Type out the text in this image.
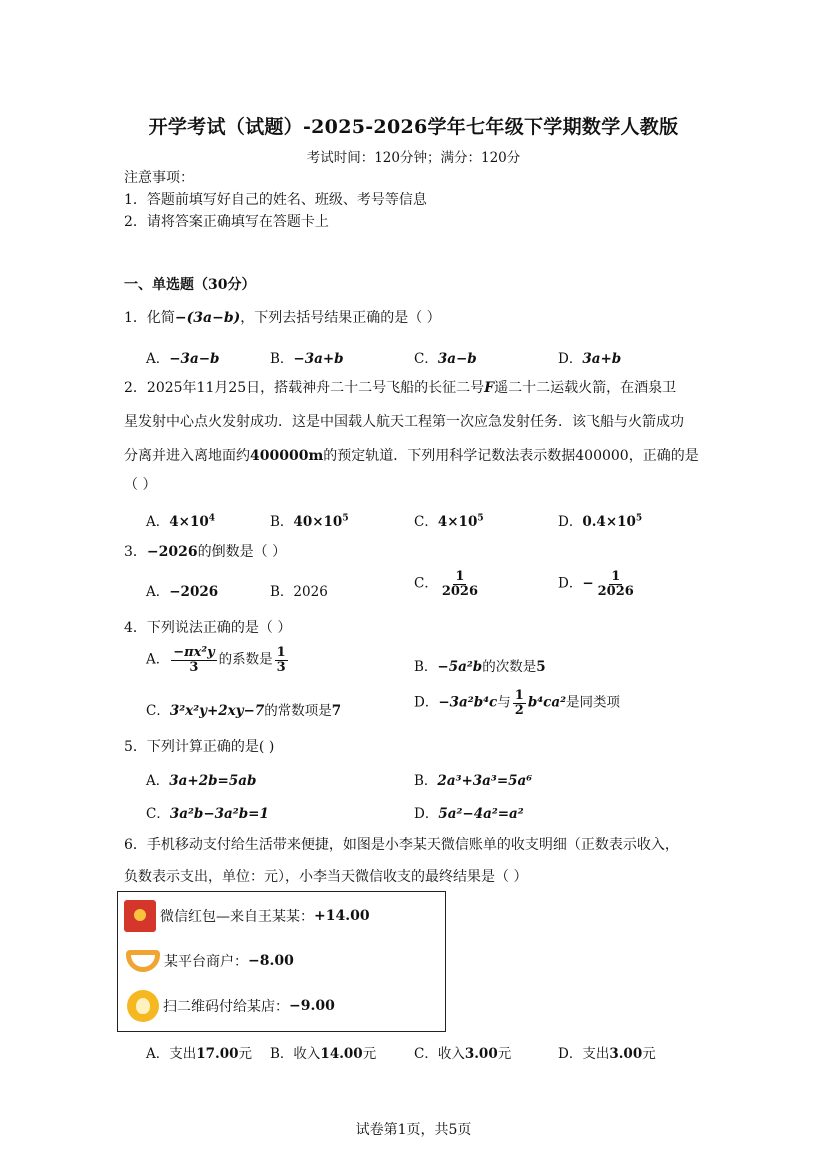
开学考试（试题）-2025-2026学年七年级下学期数学人教版
考试时间：120分钟；满分：120分
注意事项：
1．答题前填写好自己的姓名、班级、考号等信息
2．请将答案正确填写在答题卡上
一、单选题（30分）
1．化简−(3a−b)，下列去括号结果正确的是（ ）
A．−3a−b	B．−3a+b	C．3a−b	D．3a+b
2．2025年11月25日，搭载神舟二十二号飞船的长征二号F遥二十二运载火箭，在酒泉卫
星发射中心点火发射成功．这是中国载人航天工程第一次应急发射任务．该飞船与火箭成功
分离并进入离地面约400000m的预定轨道．下列用科学记数法表示数据400000，正确的是
（ ）
A．$4\times 10^4$	B．$40\times 10^5$	C．$4\times 10^5$	D．$0.4\times 10^5$
3．−2026的倒数是（ ）
A．−2026	B．2026
C． $\frac{1}{2026}$	D．− $\frac{1}{2026}$
4．下列说法正确的是（ ）
A． $\frac{\text{−πx²y}}{3}$ 的系数是 $\frac{1}{3}$	B．−5a²b的次数是5
C．3²x²y+2xy−7的常数项是7
D．−3a²b⁴c与 $\frac{1}{2} b^4ca^2$是同类项
5．下列计算正确的是( )
A．3a+2b=5ab	B．2a³+3a³=5a⁶
C．3a²b−3a²b=1	D．5a²−4a²=a²
6．手机移动支付给生活带来便捷，如图是小李某天微信账单的收支明细（正数表示收入，
负数表示支出，单位：元），小李当天微信收支的最终结果是（ ）
微信红包—来自王某某： +14.00
某平台商户： −8.00
扫二维码付给某店： −9.00
A．支出17.00元 B．收入14.00元	C．收入3.00元	D．支出3.00元
试卷第1页，共5页
